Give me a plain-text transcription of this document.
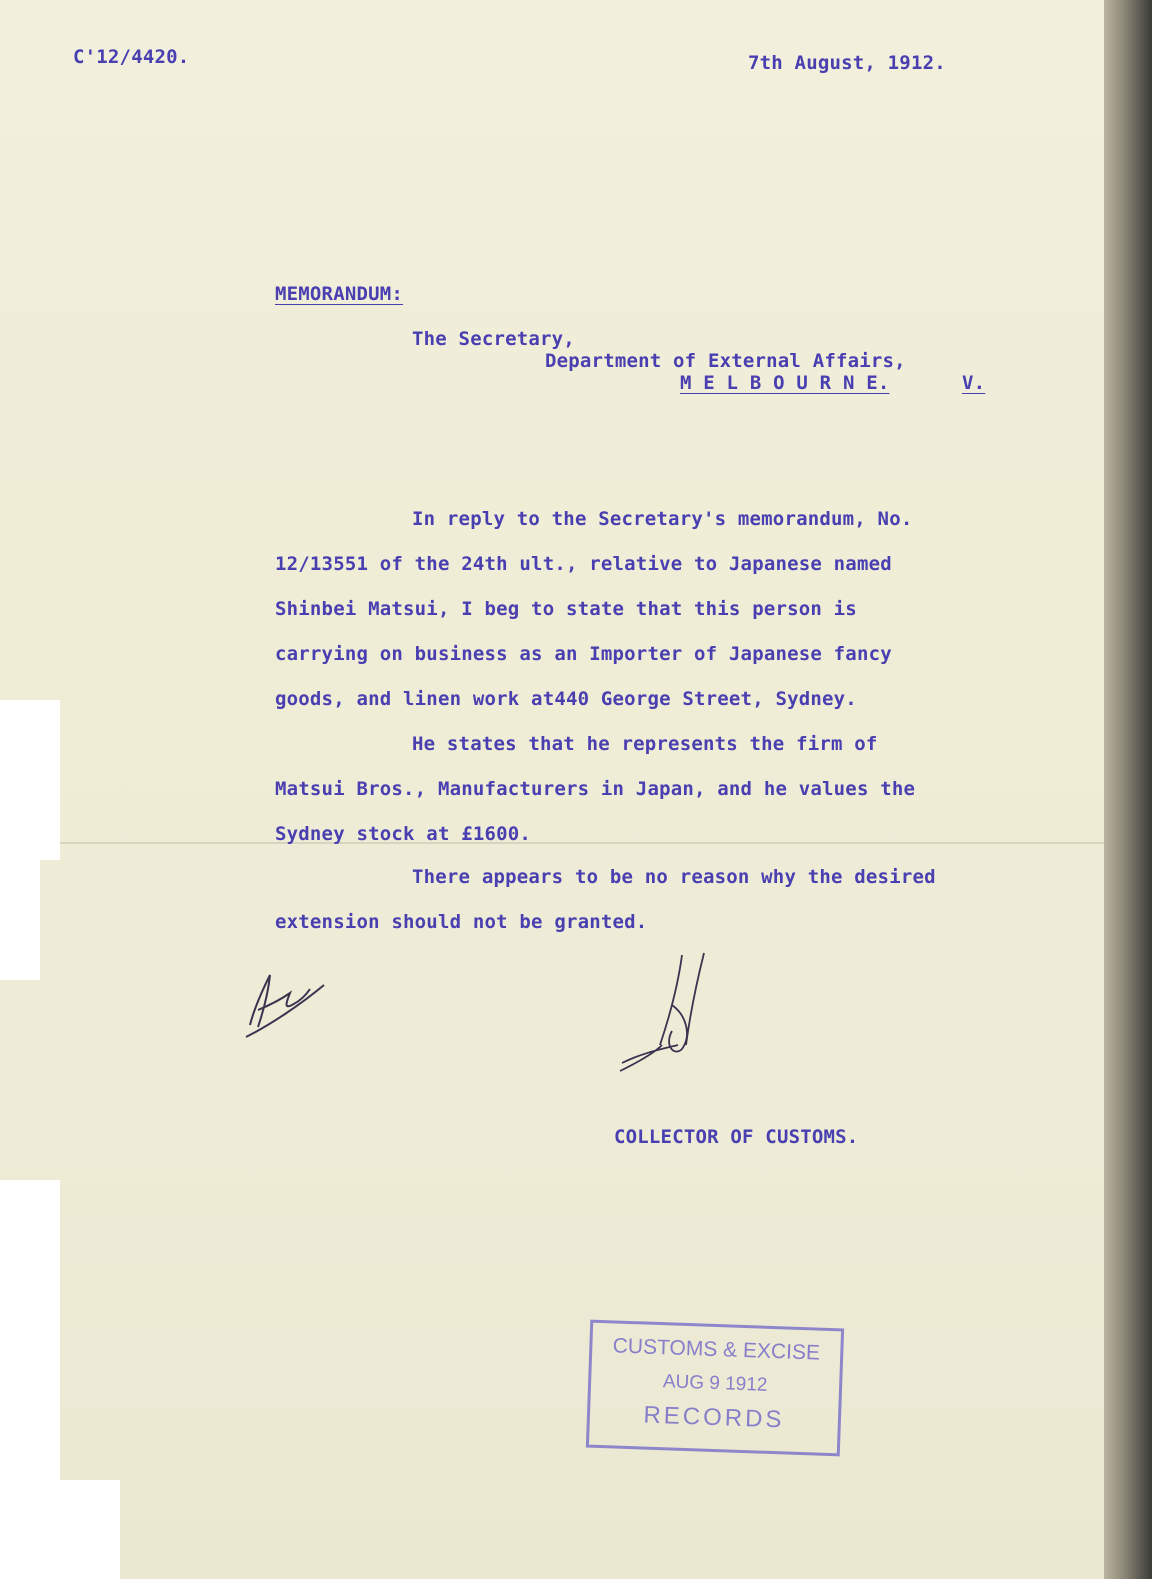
C'12/4420.	7th August, 1912.

MEMORANDUM:

The Secretary,

Department of External Affairs,

M E L B O U R N E.	V.

In reply to the Secretary's memorandum, No.

12/13551 of the 24th ult., relative to Japanese named

Shinbei Matsui, I beg to state that this person is

carrying on business as an Importer of Japanese fancy

goods, and linen work at440 George Street, Sydney.

He states that he represents the firm of

Matsui Bros., Manufacturers in Japan, and he values the

Sydney stock at £1600.

There appears to be no reason why the desired

extension should not be granted.

COLLECTOR OF CUSTOMS.

CUSTOMS & EXCISE
AUG 9 1912
RECORDS
